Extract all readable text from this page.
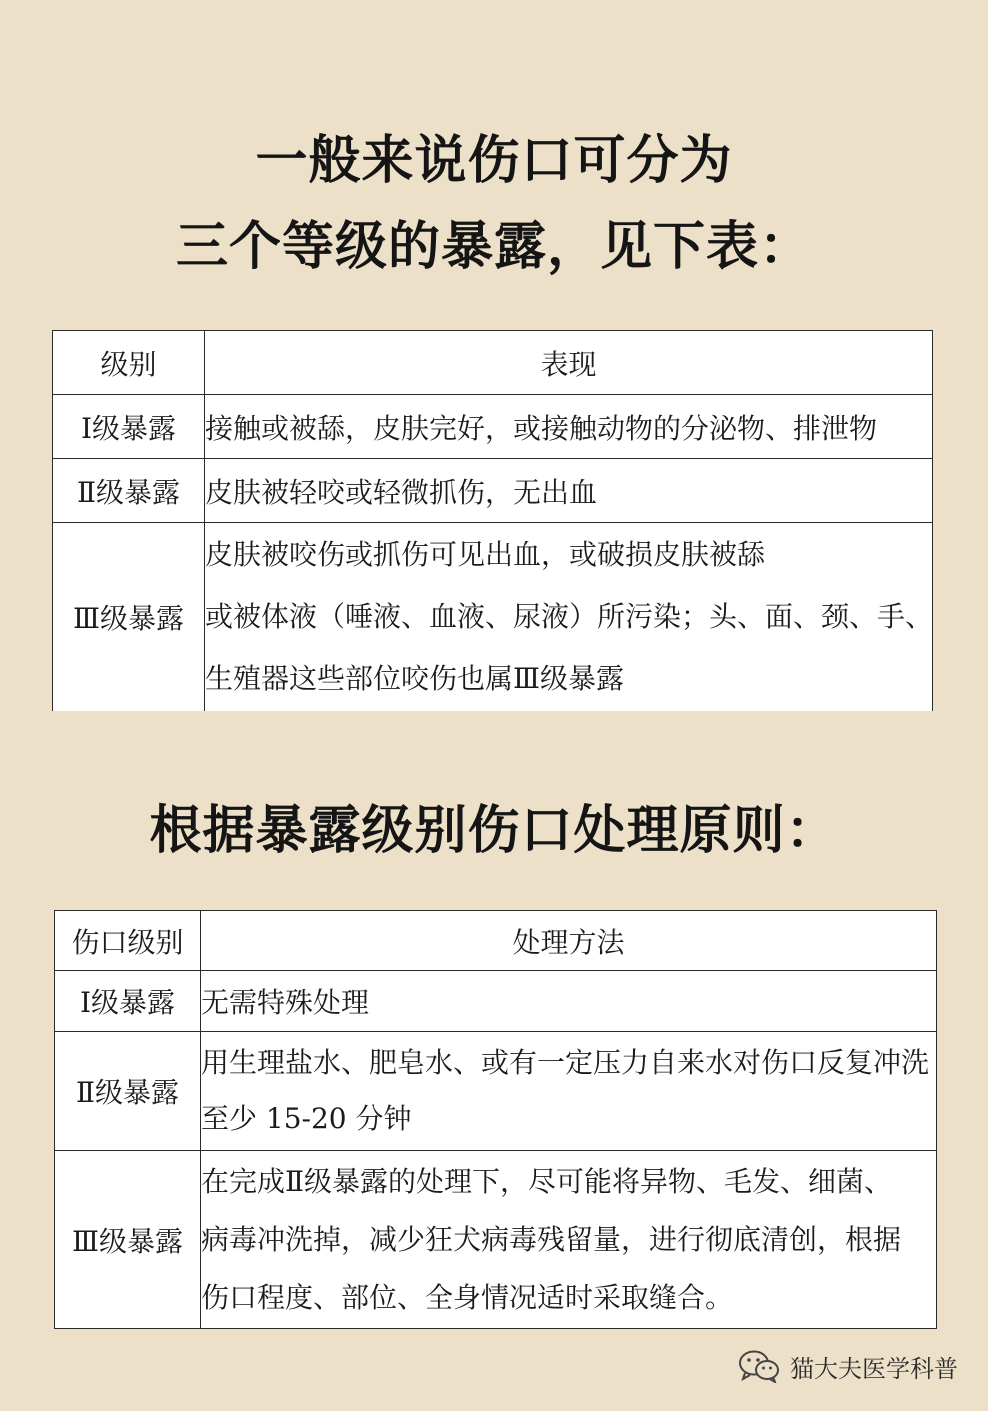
一般来说伤口可分为
三个等级的暴露，见下表：
级别	表现
Ⅰ级暴露	接触或被舔，皮肤完好，或接触动物的分泌物、排泄物

Ⅱ级暴露	皮肤被轻咬或轻微抓伤，无出血

Ⅲ级暴露	皮肤被咬伤或抓伤可见出血，或破损皮肤被舔
或被体液（唾液、血液、尿液）所污染；头、面、颈、手、
生殖器这些部位咬伤也属Ⅲ级暴露
根据暴露级别伤口处理原则：
伤口级别	处理方法
Ⅰ级暴露	无需特殊处理

Ⅱ级暴露	用生理盐水、肥皂水、或有一定压力自来水对伤口反复冲洗
至少 15-20 分钟

Ⅲ级暴露	在完成Ⅱ级暴露的处理下，尽可能将异物、毛发、细菌、
病毒冲洗掉，减少狂犬病毒残留量，进行彻底清创，根据
伤口程度、部位、全身情况适时采取缝合。
猫大夫医学科普
